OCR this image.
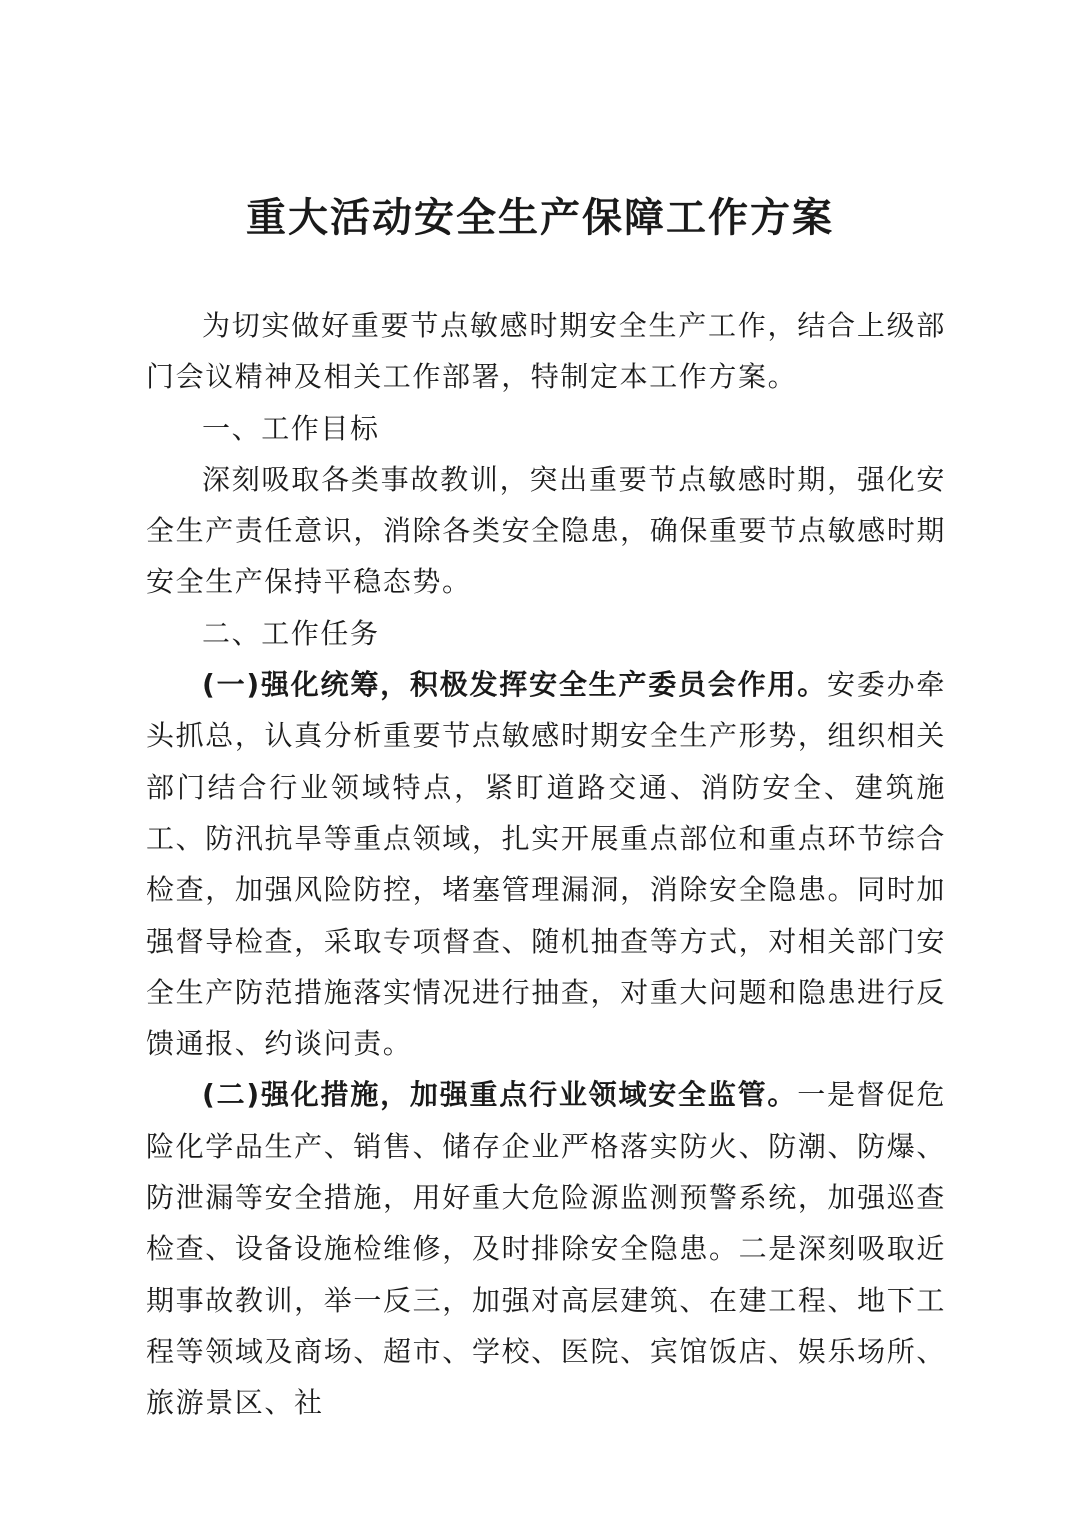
重大活动安全生产保障工作方案

为切实做好重要节点敏感时期安全生产工作，结合上级部门会议精神及相关工作部署，特制定本工作方案。

一、工作目标

深刻吸取各类事故教训，突出重要节点敏感时期，强化安全生产责任意识，消除各类安全隐患，确保重要节点敏感时期安全生产保持平稳态势。

二、工作任务

(一)强化统筹，积极发挥安全生产委员会作用。安委办牵头抓总，认真分析重要节点敏感时期安全生产形势，组织相关部门结合行业领域特点，紧盯道路交通、消防安全、建筑施工、防汛抗旱等重点领域，扎实开展重点部位和重点环节综合检查，加强风险防控，堵塞管理漏洞，消除安全隐患。同时加强督导检查，采取专项督查、随机抽查等方式，对相关部门安全生产防范措施落实情况进行抽查，对重大问题和隐患进行反馈通报、约谈问责。

(二)强化措施，加强重点行业领域安全监管。一是督促危险化学品生产、销售、储存企业严格落实防火、防潮、防爆、防泄漏等安全措施，用好重大危险源监测预警系统，加强巡查检查、设备设施检维修，及时排除安全隐患。二是深刻吸取近期事故教训，举一反三，加强对高层建筑、在建工程、地下工程等领域及商场、超市、学校、医院、宾馆饭店、娱乐场所、旅游景区、社
